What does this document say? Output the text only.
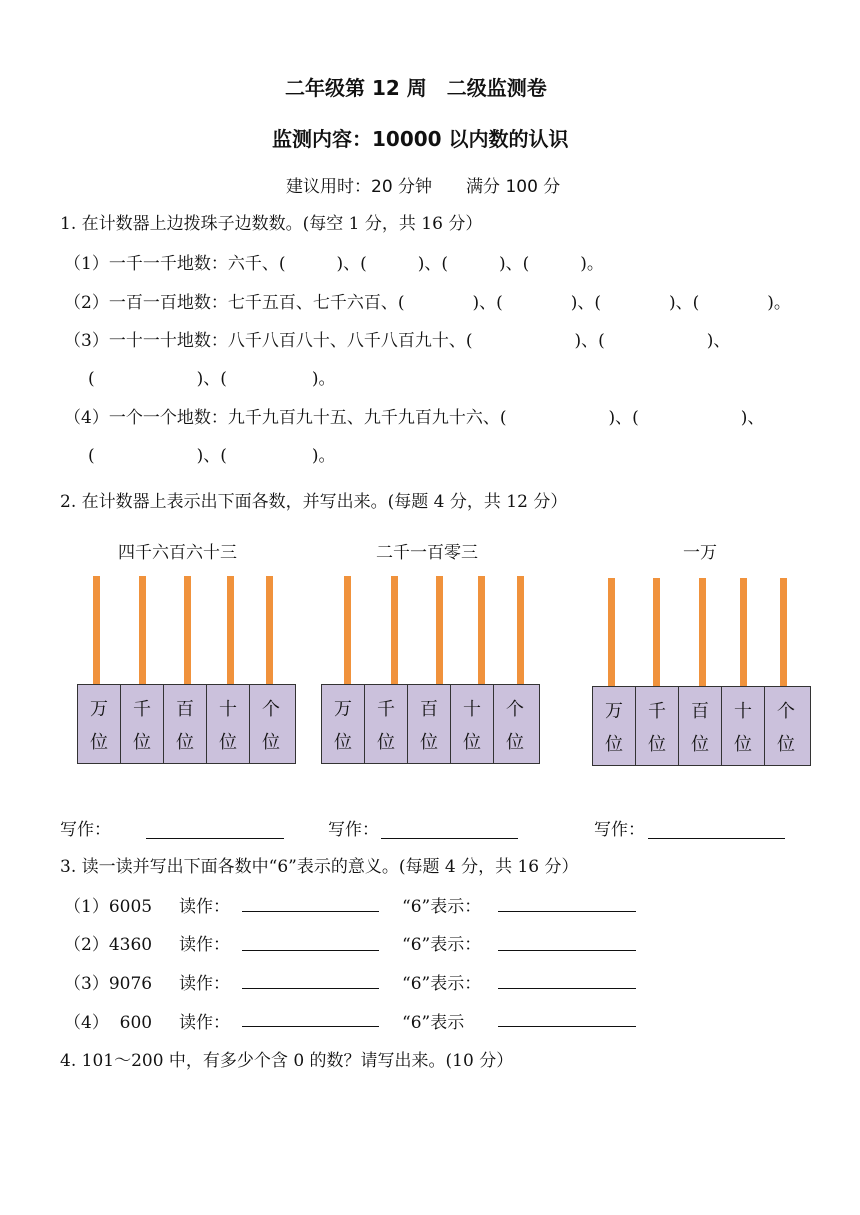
二年级第 12 周　二级监测卷
监测内容：10000 以内数的认识
建议用时：20 分钟　　满分 100 分
1. 在计数器上边拨珠子边数数。(每空 1 分，共 16 分）
（1）一千一千地数：六千、(　　　)、(　　　)、(　　　)、(　　　)。
（2）一百一百地数：七千五百、七千六百、(　　　　)、(　　　　)、(　　　　)、(　　　　)。
（3）一十一十地数：八千八百八十、八千八百九十、(　　　　　　)、(　　　　　　)、
(　　　　　　)、(　　　　　)。
（4）一个一个地数：九千九百九十五、九千九百九十六、(　　　　　　)、(　　　　　　)、
(　　　　　　)、(　　　　　)。
2. 在计数器上表示出下面各数，并写出来。(每题 4 分，共 12 分）
四千六百六十三	二千一百零三	一万
万
位
千
位
百
位
十
位
个
位
万
位
千
位
百
位
十
位
个
位
万
位
千
位
百
位
十
位
个
位
写作：	写作：	写作：
3. 读一读并写出下面各数中“6”表示的意义。(每题 4 分，共 16 分）
（1）6005 读作：	“6”表示：
（2）4360 读作：	“6”表示：
（3）9076 读作：	“6”表示：
（4）  600 读作：	“6”表示
4. 101～200 中，有多少个含 0 的数？请写出来。(10 分）
